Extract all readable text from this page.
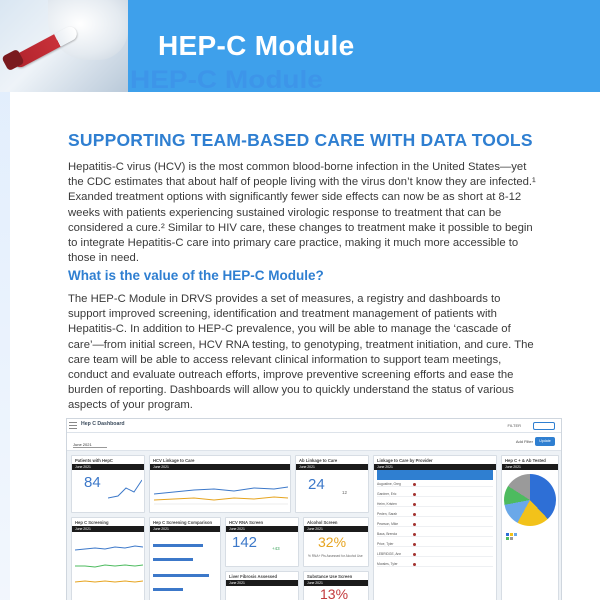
HEP-C Module
HEP-C Module
SUPPORTING TEAM-BASED CARE WITH DATA TOOLS

Hepatitis-C virus (HCV) is the most common blood-borne infection in the United States—yet the CDC estimates that about half of people living with the virus don’t know they are infected.¹ Exanded treatment options with significantly fewer side effects can now be as short at 8-12 weeks with patients experiencing sustained virologic response to treatment that can be considered a cure.² Similar to HIV care, these changes to treatment make it possible to begin to integrate Hepatitis-C care into primary care practice, making it much more accessible to those in need.

What is the value of the HEP-C Module?

The HEP-C Module in DRVS provides a set of measures, a registry and dashboards to support improved screening, identification and treatment management of patients with Hepatitis-C. In addition to HEP-C prevalence, you will be able to manage the ‘cascade of care’—from initial screen, HCV RNA testing, to genotyping, treatment initiation, and cure. The care team will be able to access relevant clinical information to support team meetings, conduct and evaluate outreach efforts, improve preventive screening efforts and ease the burden of reporting. Dashboards will allow you to quickly understand the status of various aspects of your program.

Hep C Dashboard	FILTER
June 2021
Add Filter	Update
Patients with HepC
June 2021
84
HCV Linkage to Care
June 2021
Ab Linkage to Care
June 2021
24	12
Linkage to Care by Provider
June 2021
Augustine, Greg
Gardner, Eric
Heim, Kristen
Peden, Sarah
Pearson, Mike
Baca, Brenda
Price, Tyler
LEBRIDGE, Ann
Morales, Tyler
Hep C + & Ab Tested
June 2021
Hep C Screening
June 2021
Hep C Screening Comparison
June 2021
HCV RNA Screen
June 2021
142	+43
Alcohol Screen
June 2021
32%
% RNA+ Pts Assessed for Alcohol Use
Liver Fibrosis Assessed
June 2021
Substance Use Screen
June 2021
13%
